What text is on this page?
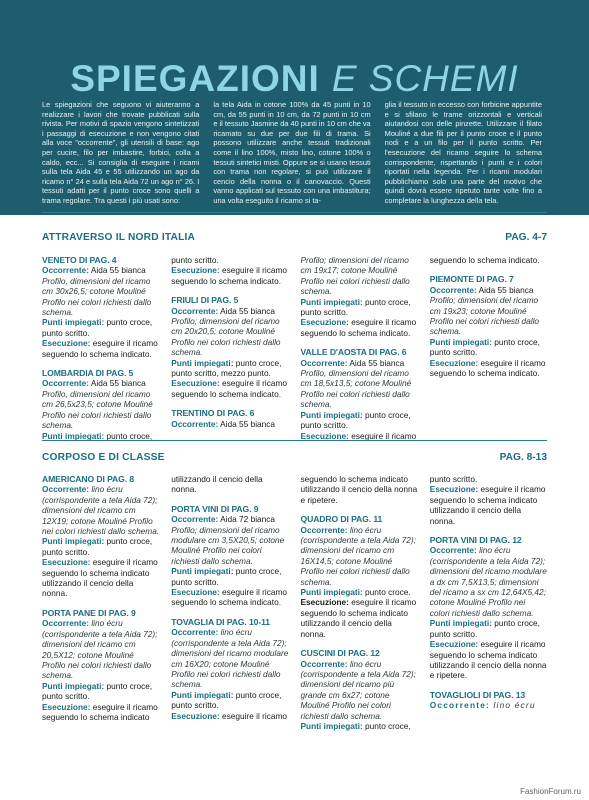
SPIEGAZIONI E SCHEMI

Le spiegazioni che seguono vi aiuteranno a realizzare i lavori che trovate pubblicati sulla rivista. Per motivi di spazio vengono sintetizzati i passaggi di esecuzione e non vengono citati alla voce "occorrente", gli utensili di base: ago per cucire, filo per imbastire, forbici, colla a caldo, ecc... Si consiglia di eseguire i ricami sulla tela Aida 45 e 55 utilizzando un ago da ricamo n° 24 e sulla tela Aida 72 un ago n° 26. I tessuti adatti per il punto croce sono quelli a trama regolare. Tra questi i più usati sono:

la tela Aida in cotone 100% da 45 punti in 10 cm, da 55 punti in 10 cm, da 72 punti in 10 cm e il tessuto Jasmine da 40 punti in 10 cm che va ricamato su due per due fili di trama. Si possono utilizzare anche tessuti tradizionali come il lino 100%, misto lino, cotone 100% o tessuti sintetici misti. Oppure se si usano tessuti con trama non regolare, si può utilizzare il cencio della nonna o il canovaccio. Questi vanno applicati sul tessuto con una imbastitura; una volta eseguito il ricamo si ta-

glia il tessuto in eccesso con forbicine appuntite e si sfilano le trame orizzontali e verticali aiutandosi con delle pinzette. Utilizzare il filato Mouliné a due fili per il punto croce e il punto nodi e a un filo per il punto scritto. Per l'esecuzione del ricamo seguire lo schema corrispondente, rispettando i punti e i colori riportati nella legenda. Per i ricami modulari pubblichiamo solo una parte del motivo che quindi dovrà essere ripetuto tante volte fino a completare la lunghezza della tela.

ATTRAVERSO IL NORD ITALIA	PAG. 4-7
VENETO DI PAG. 4
Occorrente: Aida 55 bianca
Profilo, dimensioni del ricamo cm 30x26,5; cotone Mouliné Profilo nei colori richiesti dallo schema.
Punti impiegati: punto croce, punto scritto.
Esecuzione: eseguire il ricamo seguendo lo schema indicato.
LOMBARDIA DI PAG. 5
Occorrente: Aida 55 bianca
Profilo, dimensioni del ricamo cm 26,5x23,5; cotone Mouliné Profilo nei colori richiesti dallo schema.
Punti impiegati: punto croce,
punto scritto.
Esecuzione: eseguire il ricamo seguendo lo schema indicato.
FRIULI DI PAG. 5
Occorrente: Aida 55 bianca
Profilo; dimensioni del ricamo cm 20x20,5; cotone Mouliné Profilo nei colori richiesti dallo schema.
Punti impiegati: punto croce, punto scritto, mezzo punto.
Esecuzione: eseguire il ricamo seguendo lo schema indicato.
TRENTINO DI PAG. 6
Occorrente: Aida 55 bianca
Profilo; dimensioni del ricamo cm 19x17; cotone Mouliné Profilo nei colori richiesti dallo schema.
Punti impiegati: punto croce, punto scritto.
Esecuzione: eseguire il ricamo seguendo lo schema indicato.
VALLE D'AOSTA DI PAG. 6
Occorrente: Aida 55 bianca
Profilo, dimensioni del ricamo cm 18,5x13,5; cotone Mouliné Profilo nei colori richiesti dallo schema.
Punti impiegati: punto croce, punto scritto.
Esecuzione: eseguire il ricamo
seguendo lo schema indicato.
PIEMONTE DI PAG. 7
Occorrente: Aida 55 bianca
Profilo; dimensioni del ricamo cm 19x23; cotone Mouliné Profilo nei colori richiesti dallo schema.
Punti impiegati: punto croce, punto scritto.
Esecuzione: eseguire il ricamo seguendo lo schema indicato.
CORPOSO E DI CLASSE	PAG. 8-13
AMERICANO DI PAG. 8
Occorrente: lino écru (corrispondente a tela Aida 72); dimensioni del ricamo cm 12X19; cotone Mouliné Profilo nei colori richiesti dallo schema.
Punti impiegati: punto croce, punto scritto.
Esecuzione: eseguire il ricamo seguendo lo schema indicato utilizzando il cencio della nonna.
PORTA PANE DI PAG. 9
Occorrente: lino écru (corrispondente a tela Aida 72); dimensioni del ricamo cm 20,5X12; cotone Mouliné Profilo nei colori richiesti dallo schema.
Punti impiegati: punto croce, punto scritto.
Esecuzione: eseguire il ricamo seguendo lo schema indicato
utilizzando il cencio della nonna.
PORTA VINI DI PAG. 9
Occorrente: Aida 72 bianca
Profilo; dimensioni del ricamo modulare cm 3,5X20,5; cotone Mouliné Profilo nei colori richiesti dallo schema.
Punti impiegati: punto croce, punto scritto.
Esecuzione: eseguire il ricamo seguendo lo schema indicato.
TOVAGLIA DI PAG. 10-11
Occorrente: lino écru (corrispondente a tela Aida 72); dimensioni del ricamo modulare cm 16X20; cotone Mouliné Profilo nei colori richiesti dallo schema.
Punti impiegati: punto croce, punto scritto.
Esecuzione: eseguire il ricamo
seguendo lo schema indicato utilizzando il cencio della nonna e ripetere.
QUADRO DI PAG. 11
Occorrente: lino écru (corrispondente a tela Aida 72); dimensioni del ricamo cm 16X14,5; cotone Mouliné Profilo nei colori richiesti dallo schema.
Punti impiegati: punto croce.
Esecuzione: eseguire il ricamo seguendo lo schema indicato utilizzando il cencio della nonna.
CUSCINI DI PAG. 12
Occorrente: lino écru (corrispondente a tela Aida 72); dimensioni del ricamo più grande cm 6x27; cotone Mouliné Profilo nei colori richiesti dallo schema.
Punti impiegati: punto croce,
punto scritto.
Esecuzione: eseguire il ricamo seguendo lo schema indicato utilizzando il cencio della nonna.
PORTA VINI DI PAG. 12
Occorrente: lino écru (corrispondente a tela Aida 72); dimensioni del ricamo modulare a dx cm 7,5X13,5; dimensioni del ricamo a sx cm 12,64X5,42; cotone Mouliné Profilo nei colori richiesti dallo schema.
Punti impiegati: punto croce, punto scritto.
Esecuzione: eseguire il ricamo seguendo lo schema indicato utilizzando il cencio della nonna e ripetere.
TOVAGLIOLI DI PAG. 13
Occorrente: lino écru
FashionForum.ru
